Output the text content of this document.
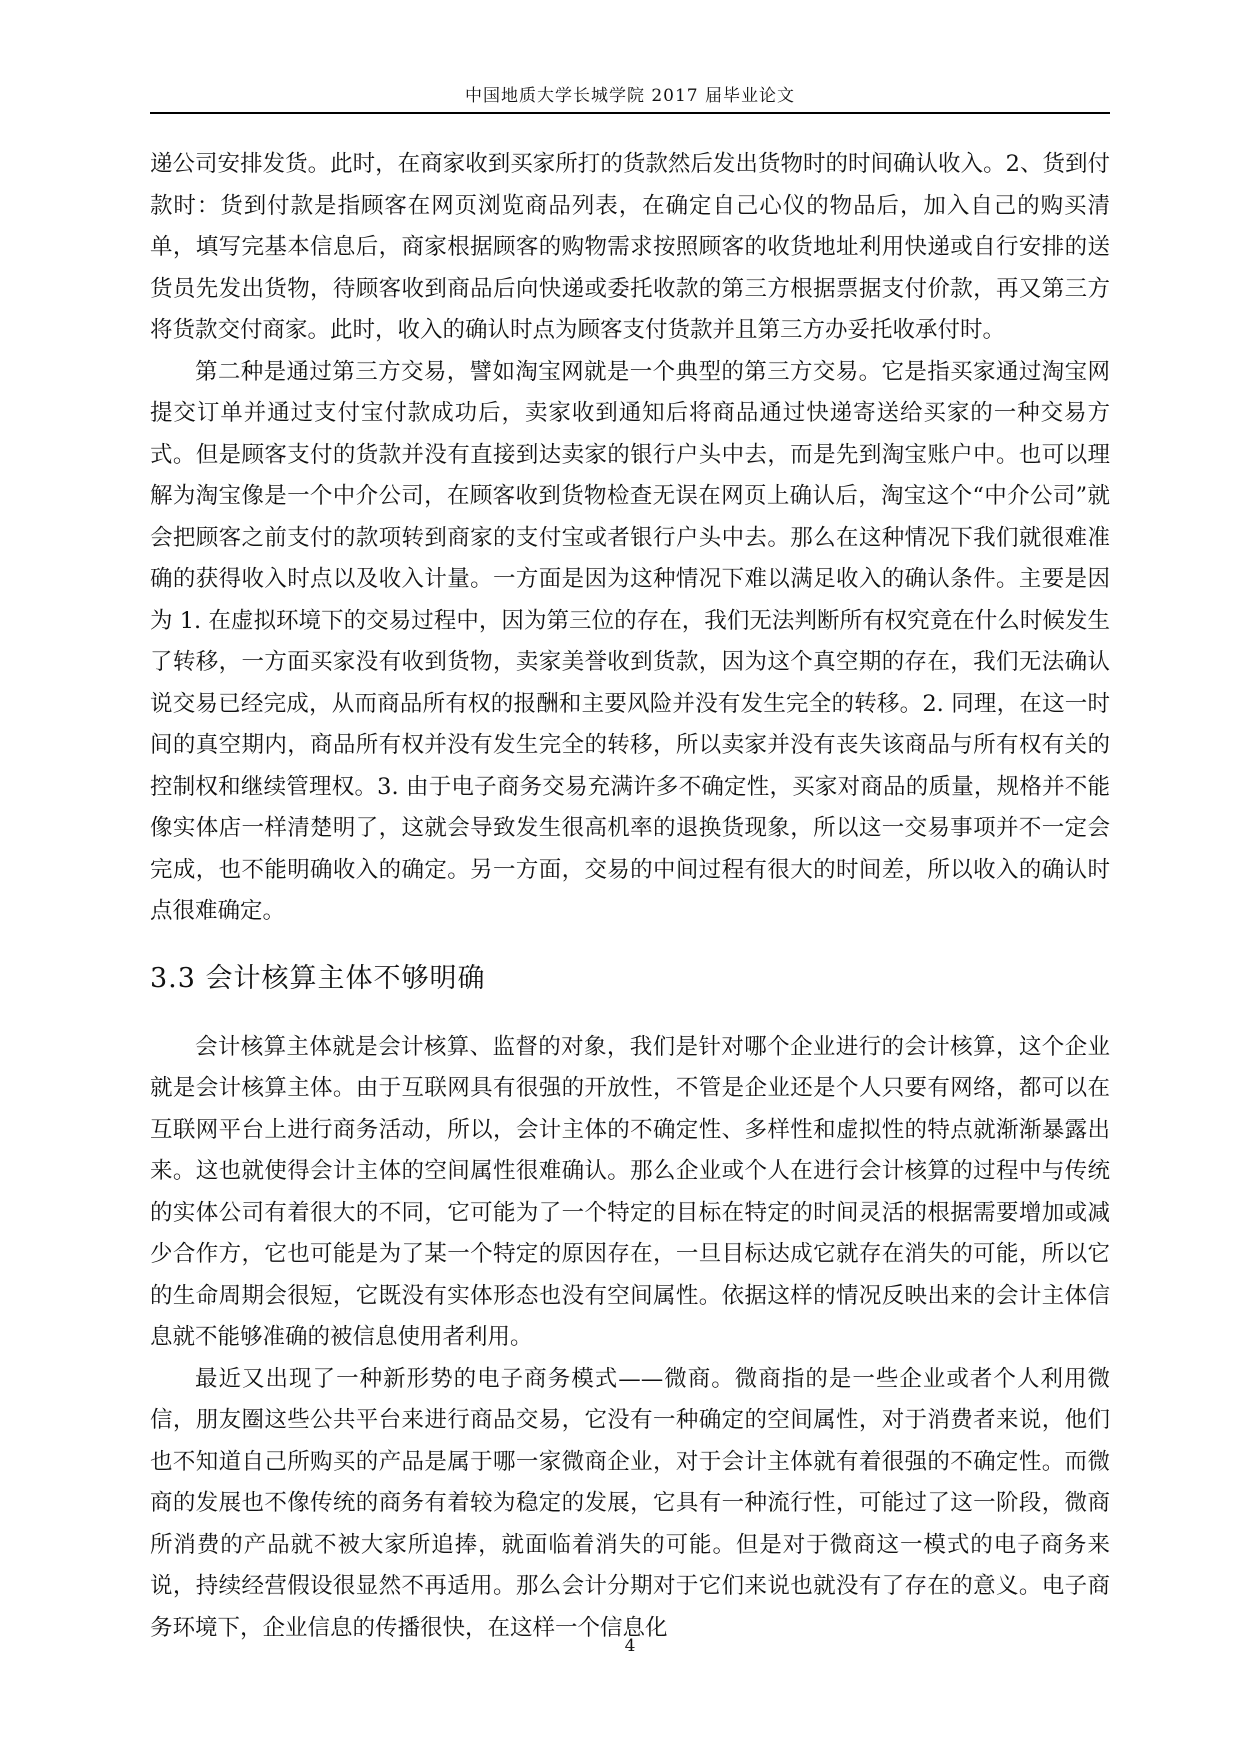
中国地质大学长城学院 2017 届毕业论文

递公司安排发货。此时，在商家收到买家所打的货款然后发出货物时的时间确认收入。2、货到付款时：货到付款是指顾客在网页浏览商品列表，在确定自己心仪的物品后，加入自己的购买清单，填写完基本信息后，商家根据顾客的购物需求按照顾客的收货地址利用快递或自行安排的送货员先发出货物，待顾客收到商品后向快递或委托收款的第三方根据票据支付价款，再又第三方将货款交付商家。此时，收入的确认时点为顾客支付货款并且第三方办妥托收承付时。

第二种是通过第三方交易，譬如淘宝网就是一个典型的第三方交易。它是指买家通过淘宝网提交订单并通过支付宝付款成功后，卖家收到通知后将商品通过快递寄送给买家的一种交易方式。但是顾客支付的货款并没有直接到达卖家的银行户头中去，而是先到淘宝账户中。也可以理解为淘宝像是一个中介公司，在顾客收到货物检查无误在网页上确认后，淘宝这个“中介公司”就会把顾客之前支付的款项转到商家的支付宝或者银行户头中去。那么在这种情况下我们就很难准确的获得收入时点以及收入计量。一方面是因为这种情况下难以满足收入的确认条件。主要是因为 1. 在虚拟环境下的交易过程中，因为第三位的存在，我们无法判断所有权究竟在什么时候发生了转移，一方面买家没有收到货物，卖家美誉收到货款，因为这个真空期的存在，我们无法确认说交易已经完成，从而商品所有权的报酬和主要风险并没有发生完全的转移。2. 同理，在这一时间的真空期内，商品所有权并没有发生完全的转移，所以卖家并没有丧失该商品与所有权有关的控制权和继续管理权。3. 由于电子商务交易充满许多不确定性，买家对商品的质量，规格并不能像实体店一样清楚明了，这就会导致发生很高机率的退换货现象，所以这一交易事项并不一定会完成，也不能明确收入的确定。另一方面，交易的中间过程有很大的时间差，所以收入的确认时点很难确定。

3.3 会计核算主体不够明确

会计核算主体就是会计核算、监督的对象，我们是针对哪个企业进行的会计核算，这个企业就是会计核算主体。由于互联网具有很强的开放性，不管是企业还是个人只要有网络，都可以在互联网平台上进行商务活动，所以，会计主体的不确定性、多样性和虚拟性的特点就渐渐暴露出来。这也就使得会计主体的空间属性很难确认。那么企业或个人在进行会计核算的过程中与传统的实体公司有着很大的不同，它可能为了一个特定的目标在特定的时间灵活的根据需要增加或减少合作方，它也可能是为了某一个特定的原因存在，一旦目标达成它就存在消失的可能，所以它的生命周期会很短，它既没有实体形态也没有空间属性。依据这样的情况反映出来的会计主体信息就不能够准确的被信息使用者利用。

最近又出现了一种新形势的电子商务模式——微商。微商指的是一些企业或者个人利用微信，朋友圈这些公共平台来进行商品交易，它没有一种确定的空间属性，对于消费者来说，他们也不知道自己所购买的产品是属于哪一家微商企业，对于会计主体就有着很强的不确定性。而微商的发展也不像传统的商务有着较为稳定的发展，它具有一种流行性，可能过了这一阶段，微商所消费的产品就不被大家所追捧，就面临着消失的可能。但是对于微商这一模式的电子商务来说，持续经营假设很显然不再适用。那么会计分期对于它们来说也就没有了存在的意义。电子商务环境下，企业信息的传播很快，在这样一个信息化

4
